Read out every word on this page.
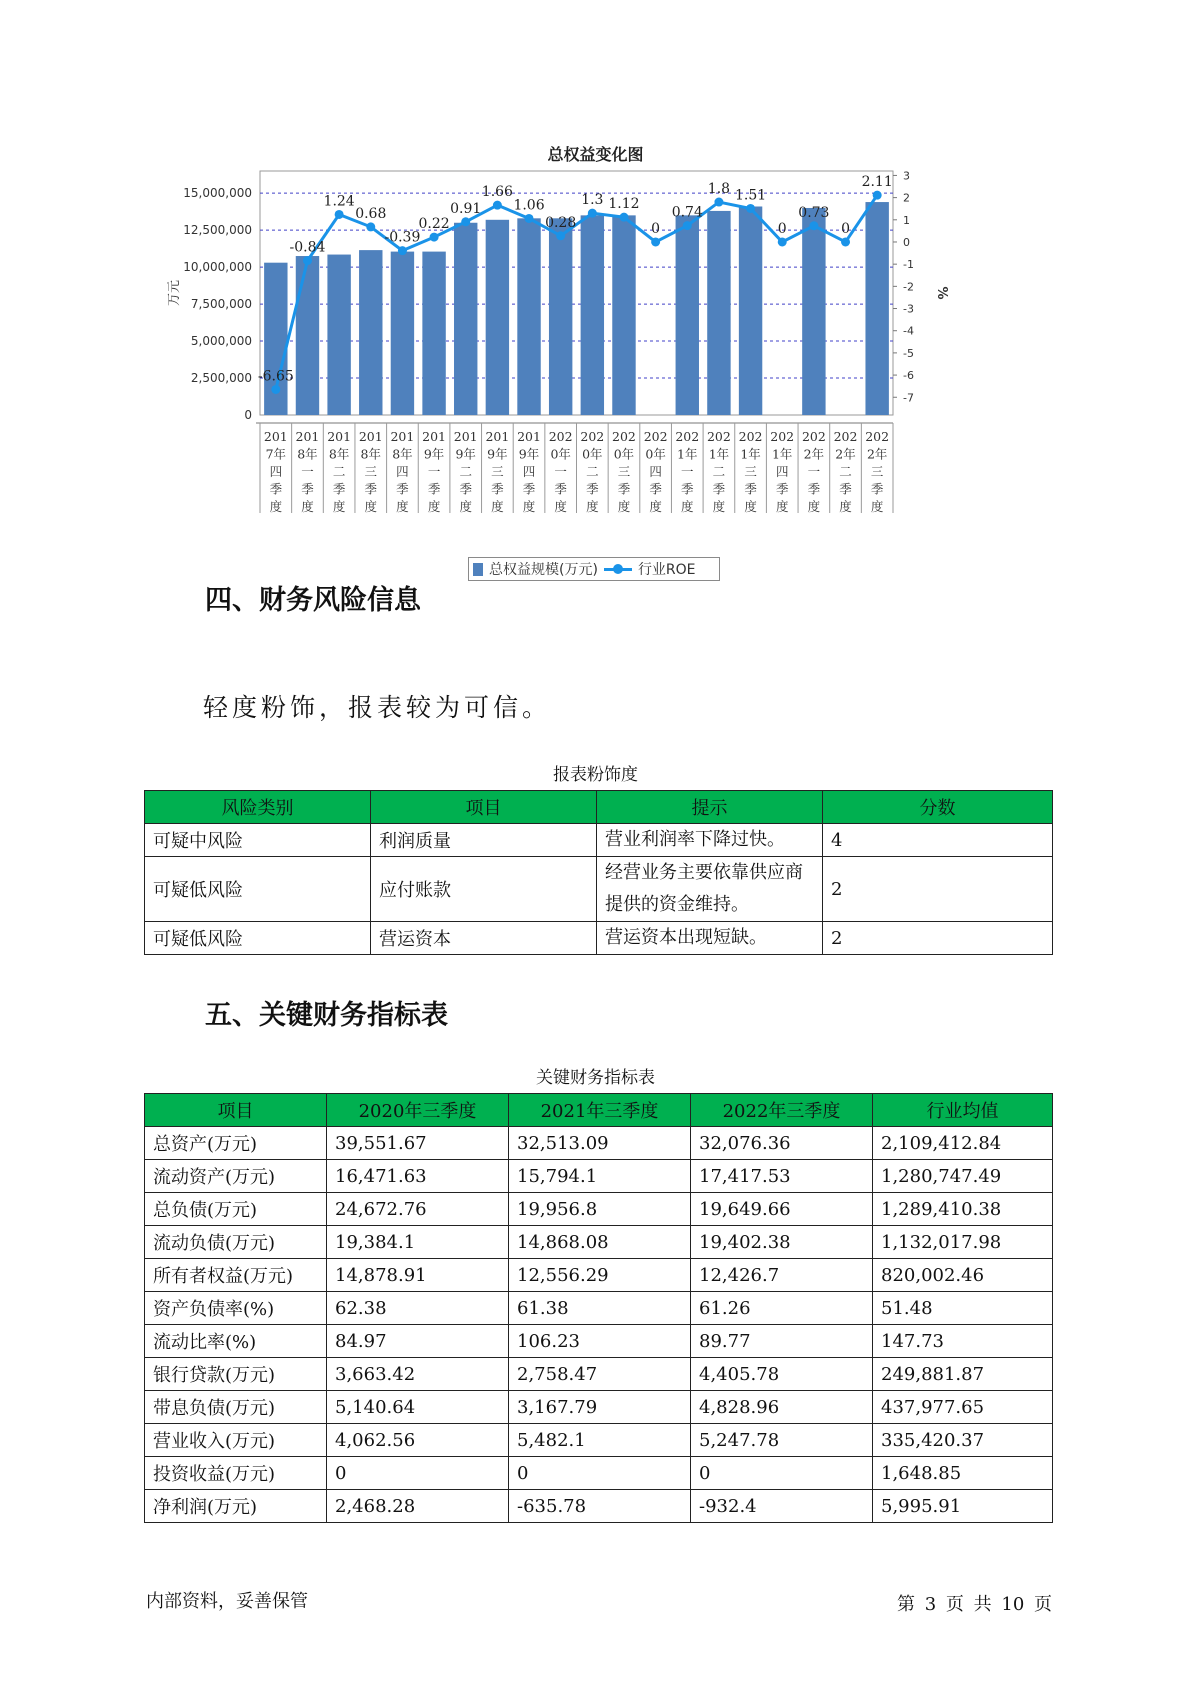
总权益变化图
0
2,500,000
5,000,000
7,500,000
10,000,000
12,500,000
15,000,000
3
2
1
0
-1
-2
-3
-4
-5
-6
-7
万元	%
-6.65
-0.84
1.24
0.68
-0.39
0.22
0.91
1.66
1.06
0.28
1.3 1.12
0
0.74
1.8 1.51
0
0.73
0
2.11
201
7年
四
季
度
201
8年
一
季
度
201
8年
二
季
度
201
8年
三
季
度
201
8年
四
季
度
201
9年
一
季
度
201
9年
二
季
度
201
9年
三
季
度
201
9年
四
季
度
202
0年
一
季
度
202
0年
二
季
度
202
0年
三
季
度
202
0年
四
季
度
202
1年
一
季
度
202
1年
二
季
度
202
1年
三
季
度
202
1年
四
季
度
202
2年
一
季
度
202
2年
二
季
度
202
2年
三
季
度
总权益规模(万元)	行业ROE
四、财务风险信息
轻度粉饰，报表较为可信。
报表粉饰度
风险类别	项目	提示	分数
可疑中风险	利润质量	营业利润率下降过快。	4
可疑低风险	应付账款	经营业务主要依靠供应商提供的资金维持。	2
可疑低风险	营运资本	营运资本出现短缺。	2
五、关键财务指标表
关键财务指标表
项目	2020年三季度	2021年三季度	2022年三季度	行业均值
总资产(万元)	39,551.67	32,513.09	32,076.36	2,109,412.84
流动资产(万元)	16,471.63	15,794.1	17,417.53	1,280,747.49
总负债(万元)	24,672.76	19,956.8	19,649.66	1,289,410.38
流动负债(万元)	19,384.1	14,868.08	19,402.38	1,132,017.98
所有者权益(万元)	14,878.91	12,556.29	12,426.7	820,002.46
资产负债率(%)	62.38	61.38	61.26	51.48
流动比率(%)	84.97	106.23	89.77	147.73
银行贷款(万元)	3,663.42	2,758.47	4,405.78	249,881.87
带息负债(万元)	5,140.64	3,167.79	4,828.96	437,977.65
营业收入(万元)	4,062.56	5,482.1	5,247.78	335,420.37
投资收益(万元)	0	0	0	1,648.85
净利润(万元)	2,468.28	-635.78	-932.4	5,995.91
内部资料，妥善保管	第 3 页 共 10 页
